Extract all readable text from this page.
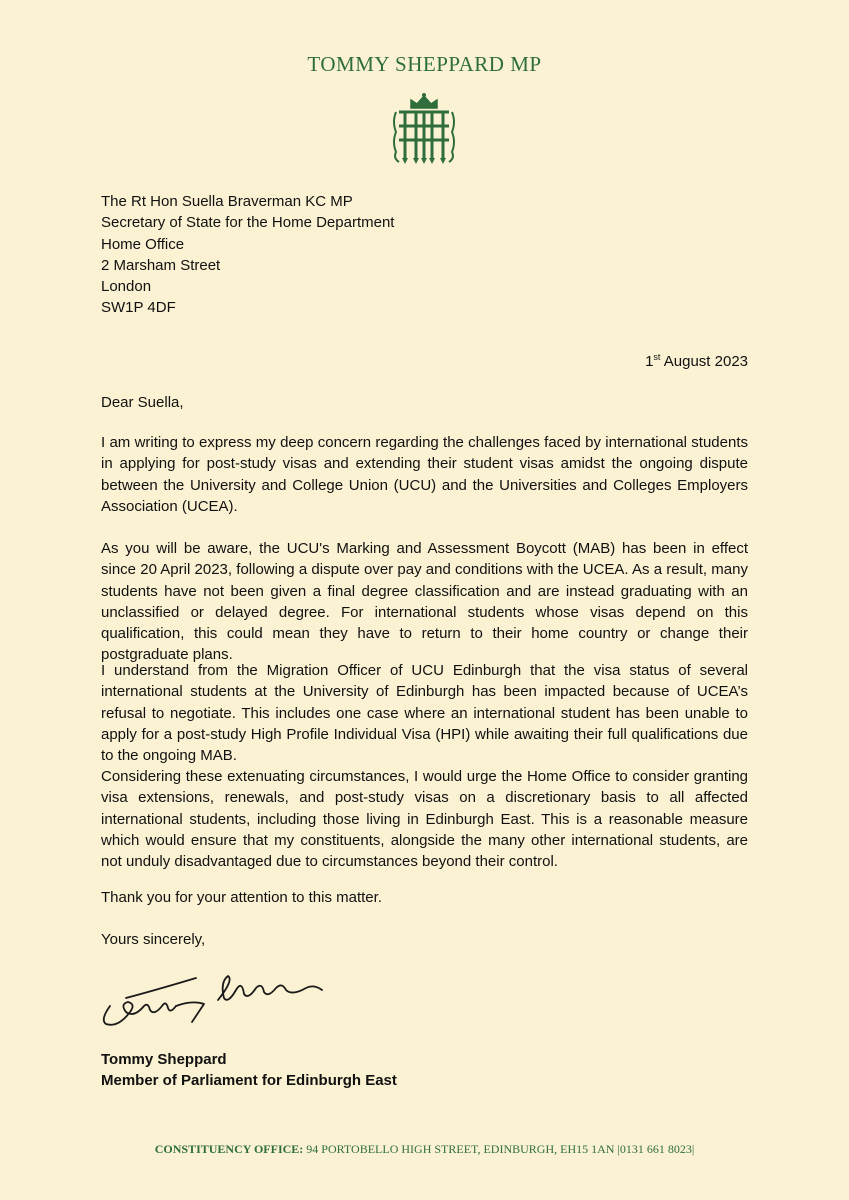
TOMMY SHEPPARD MP
The Rt Hon Suella Braverman KC MP
Secretary of State for the Home Department
Home Office
2 Marsham Street
London
SW1P 4DF
1st August 2023
Dear Suella,
I am writing to express my deep concern regarding the challenges faced by international students in applying for post-study visas and extending their student visas amidst the ongoing dispute between the University and College Union (UCU) and the Universities and Colleges Employers Association (UCEA).
As you will be aware, the UCU's Marking and Assessment Boycott (MAB) has been in effect since 20 April 2023, following a dispute over pay and conditions with the UCEA. As a result, many students have not been given a final degree classification and are instead graduating with an unclassified or delayed degree. For international students whose visas depend on this qualification, this could mean they have to return to their home country or change their postgraduate plans.
I understand from the Migration Officer of UCU Edinburgh that the visa status of several international students at the University of Edinburgh has been impacted because of UCEA’s refusal to negotiate. This includes one case where an international student has been unable to apply for a post-study High Profile Individual Visa (HPI) while awaiting their full qualifications due to the ongoing MAB.
Considering these extenuating circumstances, I would urge the Home Office to consider granting visa extensions, renewals, and post-study visas on a discretionary basis to all affected international students, including those living in Edinburgh East. This is a reasonable measure which would ensure that my constituents, alongside the many other international students, are not unduly disadvantaged due to circumstances beyond their control.
Thank you for your attention to this matter.
Yours sincerely,
Tommy Sheppard
Member of Parliament for Edinburgh East
CONSTITUENCY OFFICE: 94 PORTOBELLO HIGH STREET, EDINBURGH, EH15 1AN |0131 661 8023|
